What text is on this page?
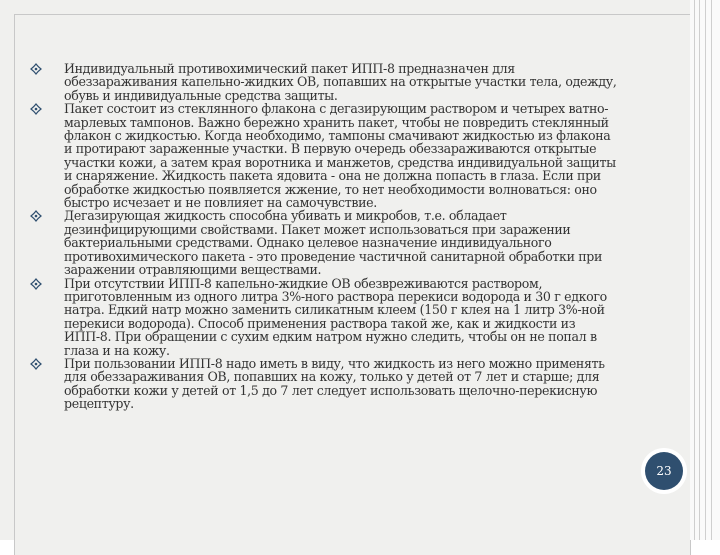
Индивидуальный противохимический пакет ИПП-8 предназначен для обеззараживания капельно-жидких ОВ, попавших на открытые участки тела, одежду, обувь и индивидуальные средства защиты.
Пакет состоит из стеклянного флакона с дегазирующим раствором и четырех ватно-марлевых тампонов. Важно бережно хранить пакет, чтобы не повредить стеклянный флакон с жидкостью. Когда необходимо, тампоны смачивают жидкостью из флакона и протирают зараженные участки. В первую очередь обеззараживаются открытые участки кожи, а затем края воротника и манжетов, средства индивидуальной защиты и снаряжение. Жидкость пакета ядовита - она не должна попасть в глаза. Если при обработке жидкостью появляется жжение, то нет необходимости волноваться: оно быстро исчезает и не повлияет на самочувствие.
Дегазирующая жидкость способна убивать и микробов, т.е. обладает дезинфицирующими свойствами. Пакет может использоваться при заражении бактериальными средствами. Однако целевое назначение индивидуального противохимического пакета - это проведение частичной санитарной обработки при заражении отравляющими веществами.
При отсутствии ИПП-8 капельно-жидкие ОВ обезвреживаются раствором, приготовленным из одного литра 3%-ного раствора перекиси водорода и 30 г едкого натра. Едкий натр можно заменить силикатным клеем (150 г клея на 1 литр 3%-ной перекиси водорода). Способ применения раствора такой же, как и жидкости из ИПП-8. При обращении с сухим едким натром нужно следить, чтобы он не попал в глаза и на кожу.
При пользовании ИПП-8 надо иметь в виду, что жидкость из него можно применять для обеззараживания ОВ, попавших на кожу, только у детей от 7 лет и старше; для обработки кожи у детей от 1,5 до 7 лет следует использовать щелочно-перекисную рецептуру.
23
